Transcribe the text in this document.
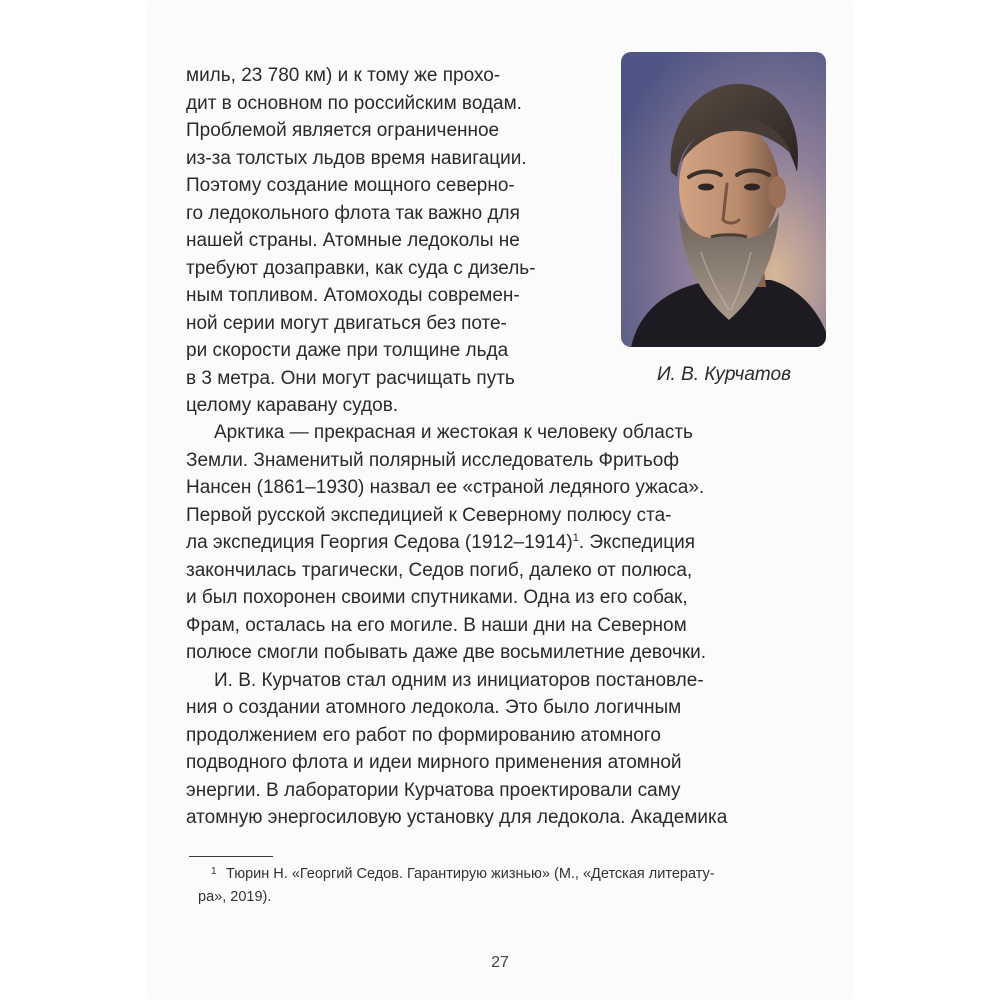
миль, 23 780 км) и к тому же прохо-
дит в основном по российским водам.
Проблемой является ограниченное
из-за толстых льдов время навигации.
Поэтому создание мощного северно-
го ледокольного флота так важно для
нашей страны. Атомные ледоколы не
требуют дозаправки, как суда с дизель-
ным топливом. Атомоходы современ-
ной серии могут двигаться без поте-
ри скорости даже при толщине льда
в 3 метра. Они могут расчищать путь
целому каравану судов.
И. В. Курчатов
Арктика — прекрасная и жестокая к человеку область
Земли. Знаменитый полярный исследователь Фритьоф
Нансен (1861–1930) назвал ее «страной ледяного ужаса».
Первой русской экспедицией к Северному полюсу ста-
ла экспедиция Георгия Седова (1912–1914)$^1$. Экспедиция
закончилась трагически, Седов погиб, далеко от полюса,
и был похоронен своими спутниками. Одна из его собак,
Фрам, осталась на его могиле. В наши дни на Северном
полюсе смогли побывать даже две восьмилетние девочки.
И. В. Курчатов стал одним из инициаторов постановле-
ния о создании атомного ледокола. Это было логичным
продолжением его работ по формированию атомного
подводного флота и идеи мирного применения атомной
энергии. В лаборатории Курчатова проектировали саму
атомную энергосиловую установку для ледокола. Академика
1 Тюрин Н. «Георгий Седов. Гарантирую жизнью» (М., «Детская литерату-
ра», 2019).
27
